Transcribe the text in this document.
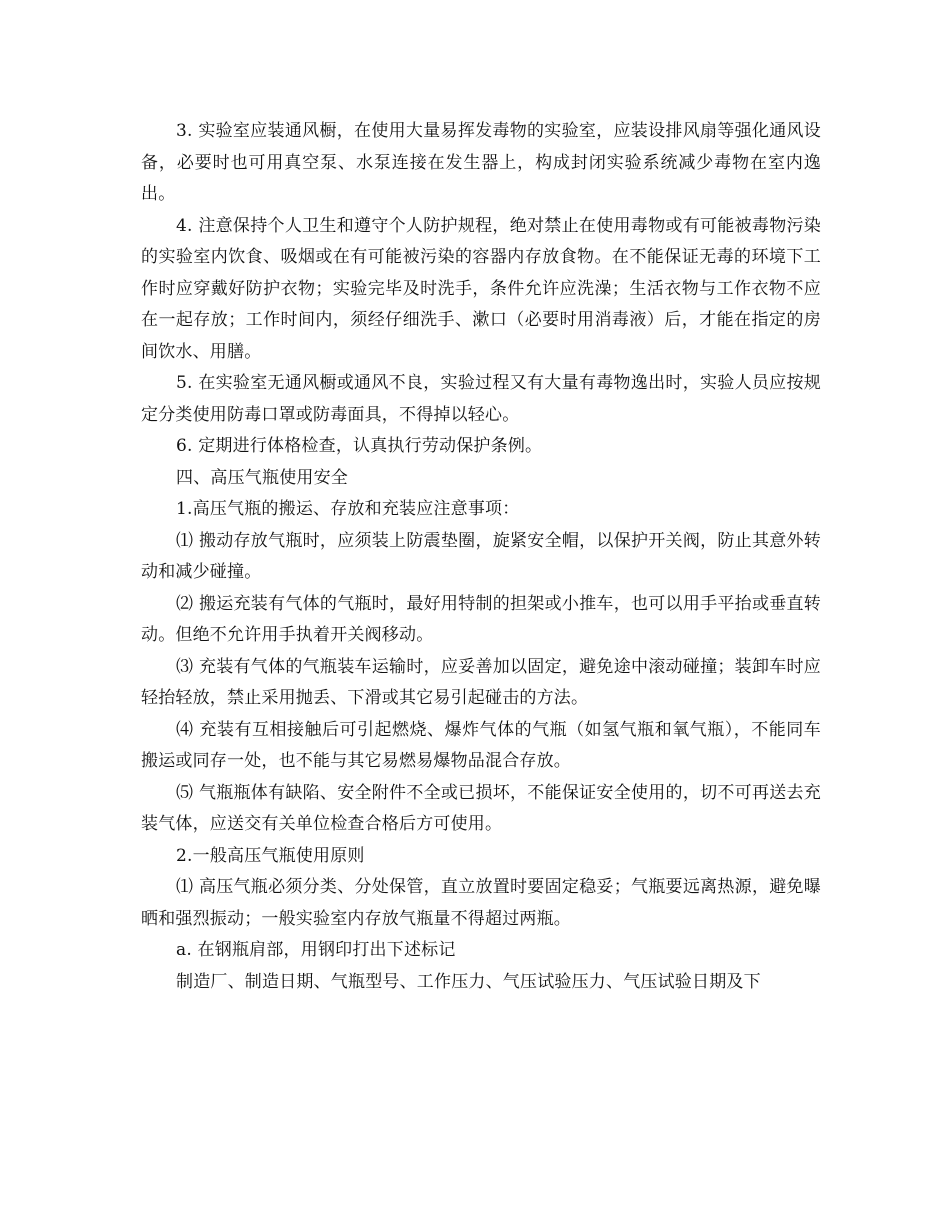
3. 实验室应装通风橱，在使用大量易挥发毒物的实验室，应装设排风扇等强化通风设备，必要时也可用真空泵、水泵连接在发生器上，构成封闭实验系统减少毒物在室内逸出。

4. 注意保持个人卫生和遵守个人防护规程，绝对禁止在使用毒物或有可能被毒物污染的实验室内饮食、吸烟或在有可能被污染的容器内存放食物。在不能保证无毒的环境下工作时应穿戴好防护衣物；实验完毕及时洗手，条件允许应洗澡；生活衣物与工作衣物不应在一起存放；工作时间内，须经仔细洗手、漱口（必要时用消毒液）后，才能在指定的房间饮水、用膳。

5. 在实验室无通风橱或通风不良，实验过程又有大量有毒物逸出时，实验人员应按规定分类使用防毒口罩或防毒面具，不得掉以轻心。

6. 定期进行体格检查，认真执行劳动保护条例。

四、高压气瓶使用安全

1.高压气瓶的搬运、存放和充装应注意事项：

⑴ 搬动存放气瓶时，应须装上防震垫圈，旋紧安全帽，以保护开关阀，防止其意外转动和减少碰撞。

⑵ 搬运充装有气体的气瓶时，最好用特制的担架或小推车，也可以用手平抬或垂直转动。但绝不允许用手执着开关阀移动。

⑶ 充装有气体的气瓶装车运输时，应妥善加以固定，避免途中滚动碰撞；装卸车时应轻抬轻放，禁止采用抛丢、下滑或其它易引起碰击的方法。

⑷ 充装有互相接触后可引起燃烧、爆炸气体的气瓶（如氢气瓶和氧气瓶），不能同车搬运或同存一处，也不能与其它易燃易爆物品混合存放。

⑸ 气瓶瓶体有缺陷、安全附件不全或已损坏，不能保证安全使用的，切不可再送去充装气体，应送交有关单位检查合格后方可使用。

2.一般高压气瓶使用原则

⑴ 高压气瓶必须分类、分处保管，直立放置时要固定稳妥；气瓶要远离热源，避免曝晒和强烈振动；一般实验室内存放气瓶量不得超过两瓶。

a. 在钢瓶肩部，用钢印打出下述标记

制造厂、制造日期、气瓶型号、工作压力、气压试验压力、气压试验日期及下
